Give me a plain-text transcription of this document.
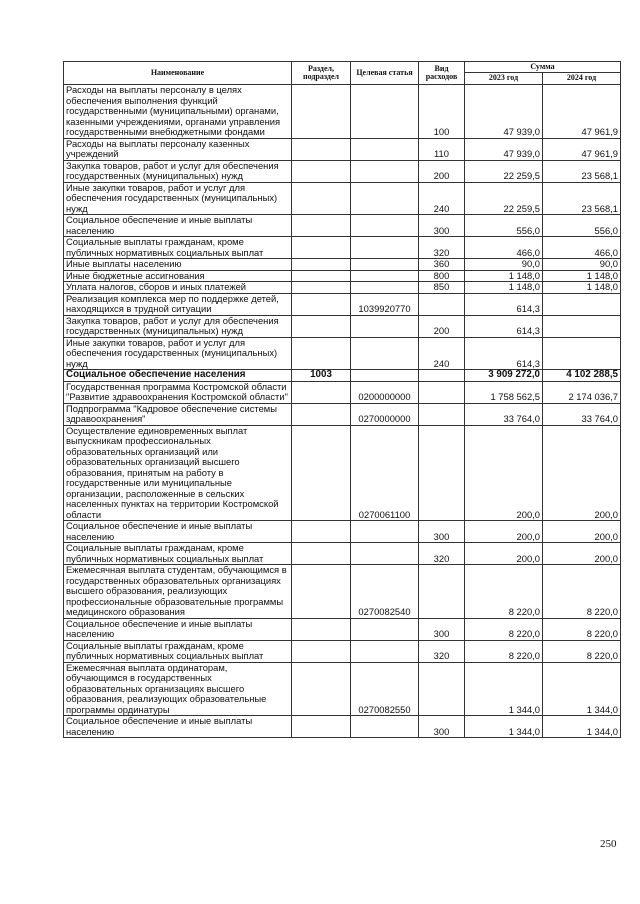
Наименование	Раздел, подраздел	Целевая статья	Вид расходов	Сумма	
				2023 год	2024 год
Расходы на выплаты персоналу в целях обеспечения выполнения функций государственными (муниципальными) органами, казенными учреждениями, органами управления государственными внебюджетными фондами			100	47 939,0	47 961,9
Расходы на выплаты персоналу казенных учреждений			110	47 939,0	47 961,9
Закупка товаров, работ и услуг для обеспечения государственных (муниципальных) нужд			200	22 259,5	23 568,1
Иные закупки товаров, работ и услуг для обеспечения государственных (муниципальных) нужд			240	22 259,5	23 568,1
Социальное обеспечение и иные выплаты населению			300	556,0	556,0
Социальные выплаты гражданам, кроме публичных нормативных социальных выплат			320	466,0	466,0
Иные выплаты населению			360	90,0	90,0
Иные бюджетные ассигнования			800	1 148,0	1 148,0
Уплата налогов, сборов и иных платежей			850	1 148,0	1 148,0
Реализация комплекса мер по поддержке детей, находящихся в трудной ситуации		1039920770		614,3	
Закупка товаров, работ и услуг для обеспечения государственных (муниципальных) нужд			200	614,3	
Иные закупки товаров, работ и услуг для обеспечения государственных (муниципальных) нужд			240	614,3	
Социальное обеспечение населения	1003			3 909 272,0	4 102 288,5
Государственная программа Костромской области "Развитие здравоохранения Костромской области"		0200000000		1 758 562,5	2 174 036,7
Подпрограмма "Кадровое обеспечение системы здравоохранения"		0270000000		33 764,0	33 764,0
Осуществление единовременных выплат выпускникам профессиональных образовательных организаций или образовательных организаций высшего образования, принятым на работу в государственные или муниципальные организации, расположенные в сельских населенных пунктах на территории Костромской области		0270061100		200,0	200,0
Социальное обеспечение и иные выплаты населению			300	200,0	200,0
Социальные выплаты гражданам, кроме публичных нормативных социальных выплат			320	200,0	200,0
Ежемесячная выплата студентам, обучающимся в государственных образовательных организациях высшего образования, реализующих профессиональные образовательные программы медицинского образования		0270082540		8 220,0	8 220,0
Социальное обеспечение и иные выплаты населению			300	8 220,0	8 220,0
Социальные выплаты гражданам, кроме публичных нормативных социальных выплат			320	8 220,0	8 220,0
Ежемесячная выплата ординаторам, обучающимся в государственных образовательных организациях высшего образования, реализующих образовательные программы ординатуры		0270082550		1 344,0	1 344,0
Социальное обеспечение и иные выплаты населению			300	1 344,0	1 344,0
250
